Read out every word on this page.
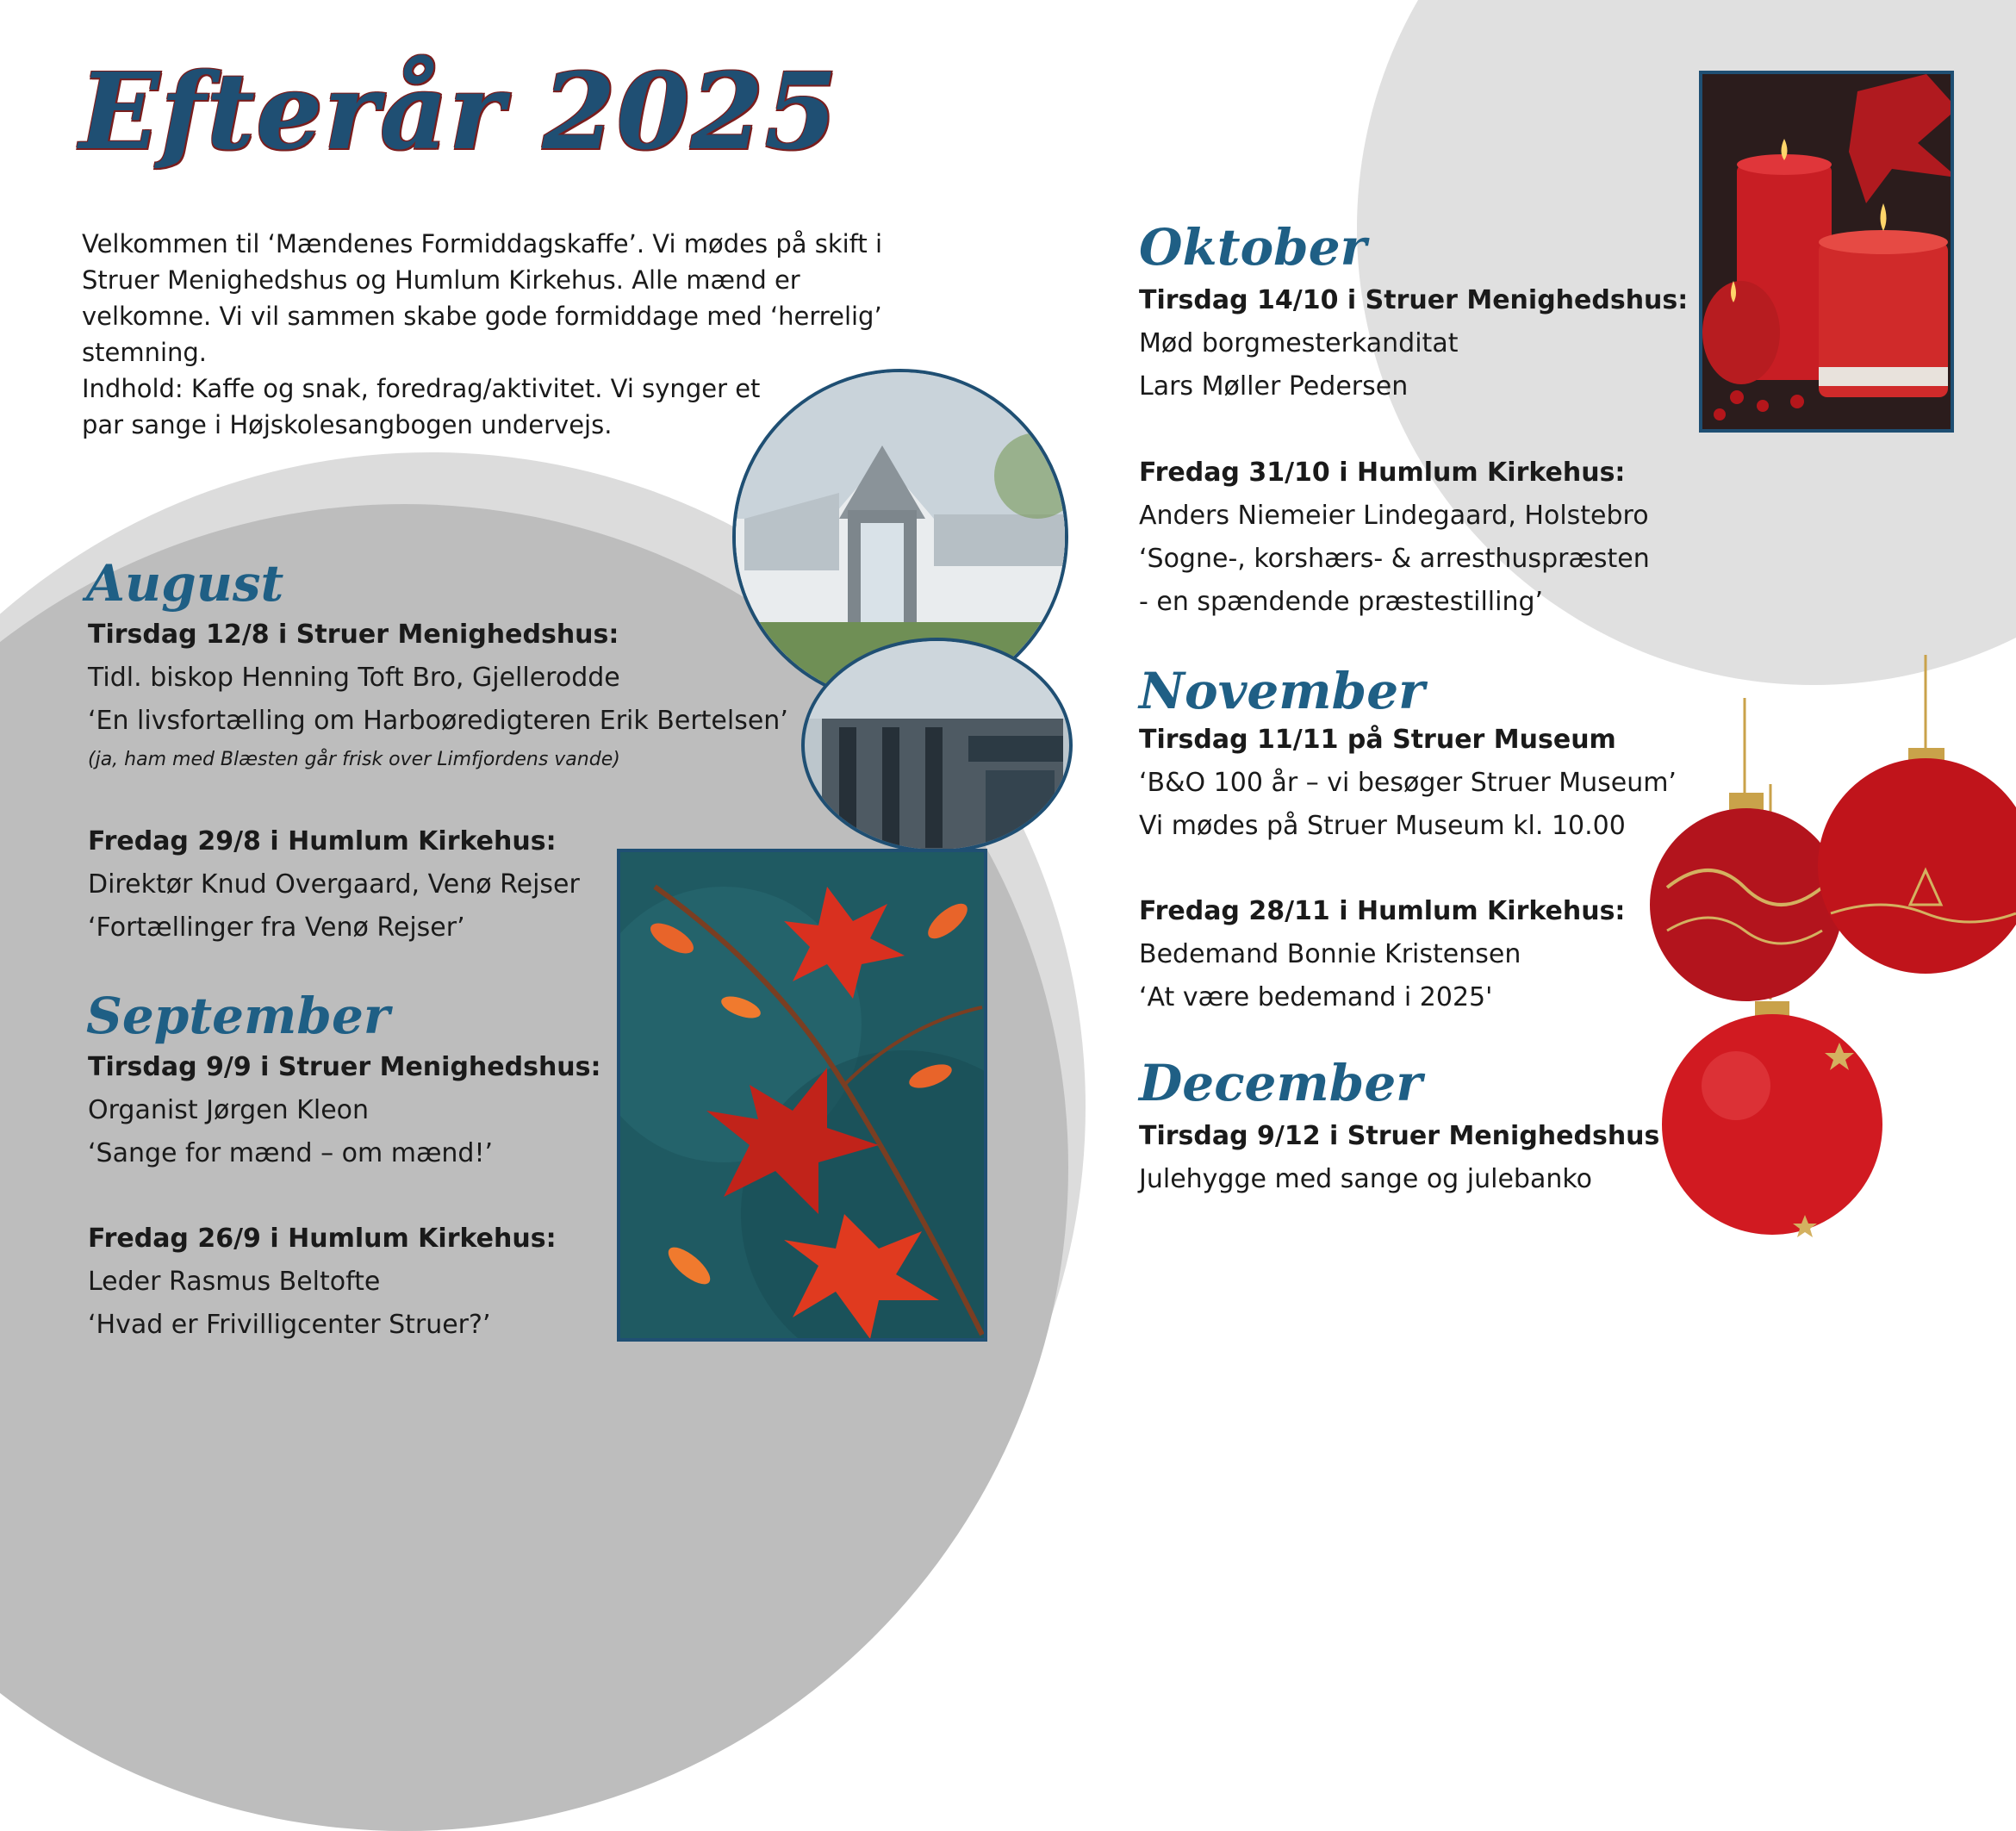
Efterår 2025

Velkommen til ‘Mændenes Formiddagskaffe’. Vi mødes på skift i

Struer Menighedshus og Humlum Kirkehus. Alle mænd er

velkomne. Vi vil sammen skabe gode formiddage med ‘herrelig’

stemning.

Indhold: Kaffe og snak, foredrag/aktivitet. Vi synger et

par sange i Højskolesangbogen undervejs.

August
Tirsdag 12/8 i Struer Menighedshus:
Tidl. biskop Henning Toft Bro, Gjellerodde
‘En livsfortælling om Harboøredigteren Erik Bertelsen’
(ja, ham med Blæsten går frisk over Limfjordens vande)
Fredag 29/8 i Humlum Kirkehus:
Direktør Knud Overgaard, Venø Rejser
‘Fortællinger fra Venø Rejser’
September
Tirsdag 9/9 i Struer Menighedshus:
Organist Jørgen Kleon
‘Sange for mænd – om mænd!’
Fredag 26/9 i Humlum Kirkehus:
Leder Rasmus Beltofte
‘Hvad er Frivilligcenter Struer?’
Oktober
Tirsdag 14/10 i Struer Menighedshus:
Mød borgmesterkanditat
Lars Møller Pedersen
Fredag 31/10 i Humlum Kirkehus:
Anders Niemeier Lindegaard, Holstebro
‘Sogne-, korshærs- & arresthuspræsten
- en spændende præstestilling’
November
Tirsdag 11/11 på Struer Museum
‘B&O 100 år – vi besøger Struer Museum’
Vi mødes på Struer Museum kl. 10.00
Fredag 28/11 i Humlum Kirkehus:
Bedemand Bonnie Kristensen
‘At være bedemand i 2025'
December
Tirsdag 9/12 i Struer Menighedshus
Julehygge med sange og julebanko
